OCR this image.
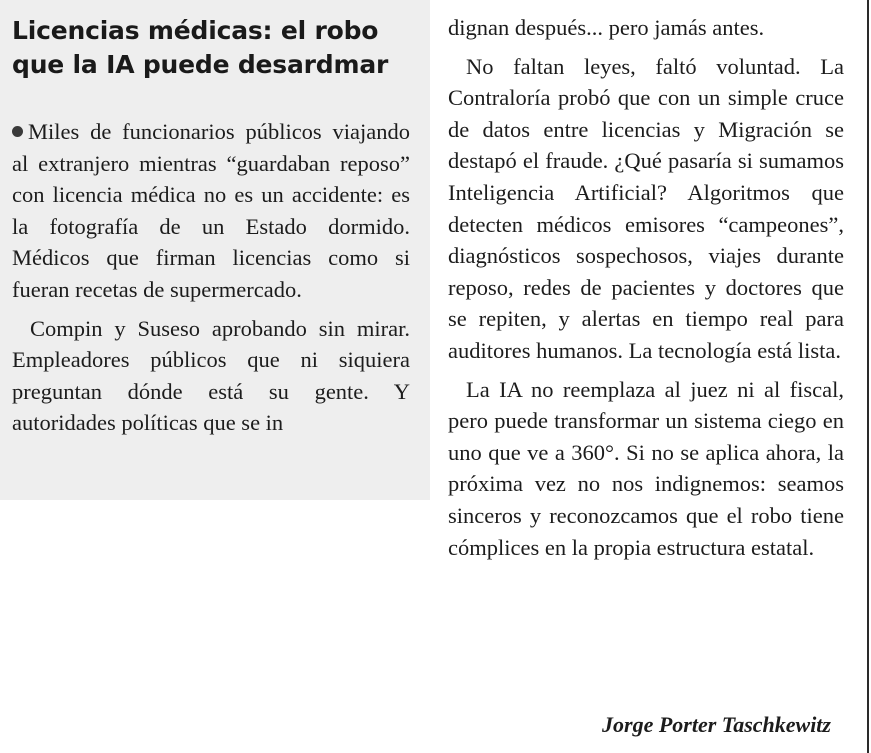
Licencias médicas: el robo que la IA puede desardmar

Miles de funcionarios públicos viajando al extranjero mientras “guardaban reposo” con licencia médica no es un accidente: es la fotografía de un Estado dormido. Médicos que firman licencias como si fueran recetas de supermercado.

Compin y Suseso aprobando sin mirar. Empleadores públicos que ni siquiera preguntan dónde está su gente. Y autoridades políticas que se in

dignan después... pero jamás antes.

No faltan leyes, faltó voluntad. La Contraloría probó que con un simple cruce de datos entre licencias y Migración se destapó el fraude. ¿Qué pasaría si sumamos Inteligencia Artificial? Algoritmos que detecten médicos emisores “campeones”, diagnósticos sospechosos, viajes durante reposo, redes de pacientes y doctores que se repiten, y alertas en tiempo real para auditores humanos. La tecnología está lista.

La IA no reemplaza al juez ni al fiscal, pero puede transformar un sistema ciego en uno que ve a 360°. Si no se aplica ahora, la próxima vez no nos indignemos: seamos sinceros y reconozcamos que el robo tiene cómplices en la propia estructura estatal.

Jorge Porter Taschkewitz
